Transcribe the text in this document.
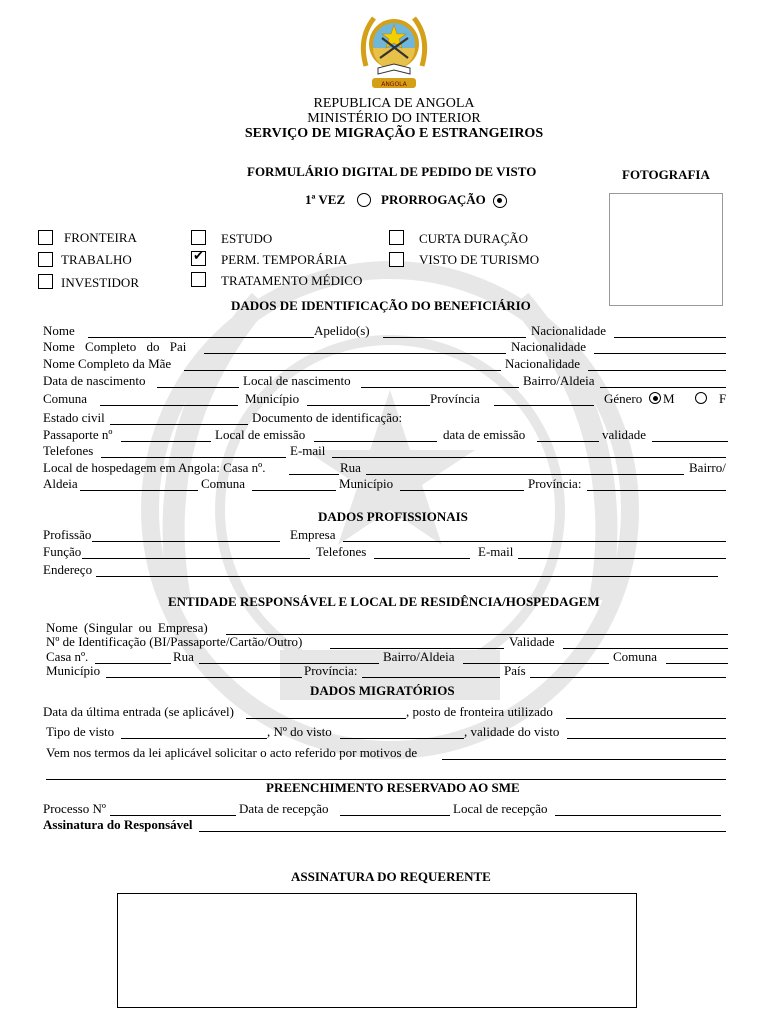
ANGOLA
REPUBLICA DE ANGOLA
MINISTÉRIO DO INTERIOR
SERVIÇO DE MIGRAÇÃO E ESTRANGEIROS
FORMULÁRIO DIGITAL DE PEDIDO DE VISTO	FOTOGRAFIA
1ª VEZ	PRORROGAÇÃO
FRONTEIRA
TRABALHO
INVESTIDOR
ESTUDO
✔
PERM. TEMPORÁRIA
TRATAMENTO MÉDICO
CURTA DURAÇÃO
VISTO DE TURISMO
DADOS DE IDENTIFICAÇÃO DO BENEFICIÁRIO
Nome	Apelido(s)	Nacionalidade
Nome Completo do Pai	Nacionalidade
Nome Completo da Mãe	Nacionalidade
Data de nascimento	Local de nascimento	Bairro/Aldeia
Comuna	Município	Província	Género M	F
Estado civil	Documento de identificação:
Passaporte nº	Local de emissão	data de emissão	validade
Telefones	E-mail
Local de hospedagem em Angola: Casa nº.	Rua	Bairro/
Aldeia	Comuna	Município	Província:
DADOS PROFISSIONAIS
Profissão	Empresa
Função	Telefones	E-mail
Endereço
ENTIDADE RESPONSÁVEL E LOCAL DE RESIDÊNCIA/HOSPEDAGEM
Nome (Singular ou Empresa)
Nº de Identificação (BI/Passaporte/Cartão/Outro)	Validade
Casa nº.	Rua	Bairro/Aldeia	Comuna
Município	Província:	País
DADOS MIGRATÓRIOS
Data da última entrada (se aplicável)	, posto de fronteira utilizado
Tipo de visto	, Nº do visto	, validade do visto
Vem nos termos da lei aplicável solicitar o acto referido por motivos de
PREENCHIMENTO RESERVADO AO SME
Processo Nº	Data de recepção	Local de recepção
Assinatura do Responsável
ASSINATURA DO REQUERENTE
